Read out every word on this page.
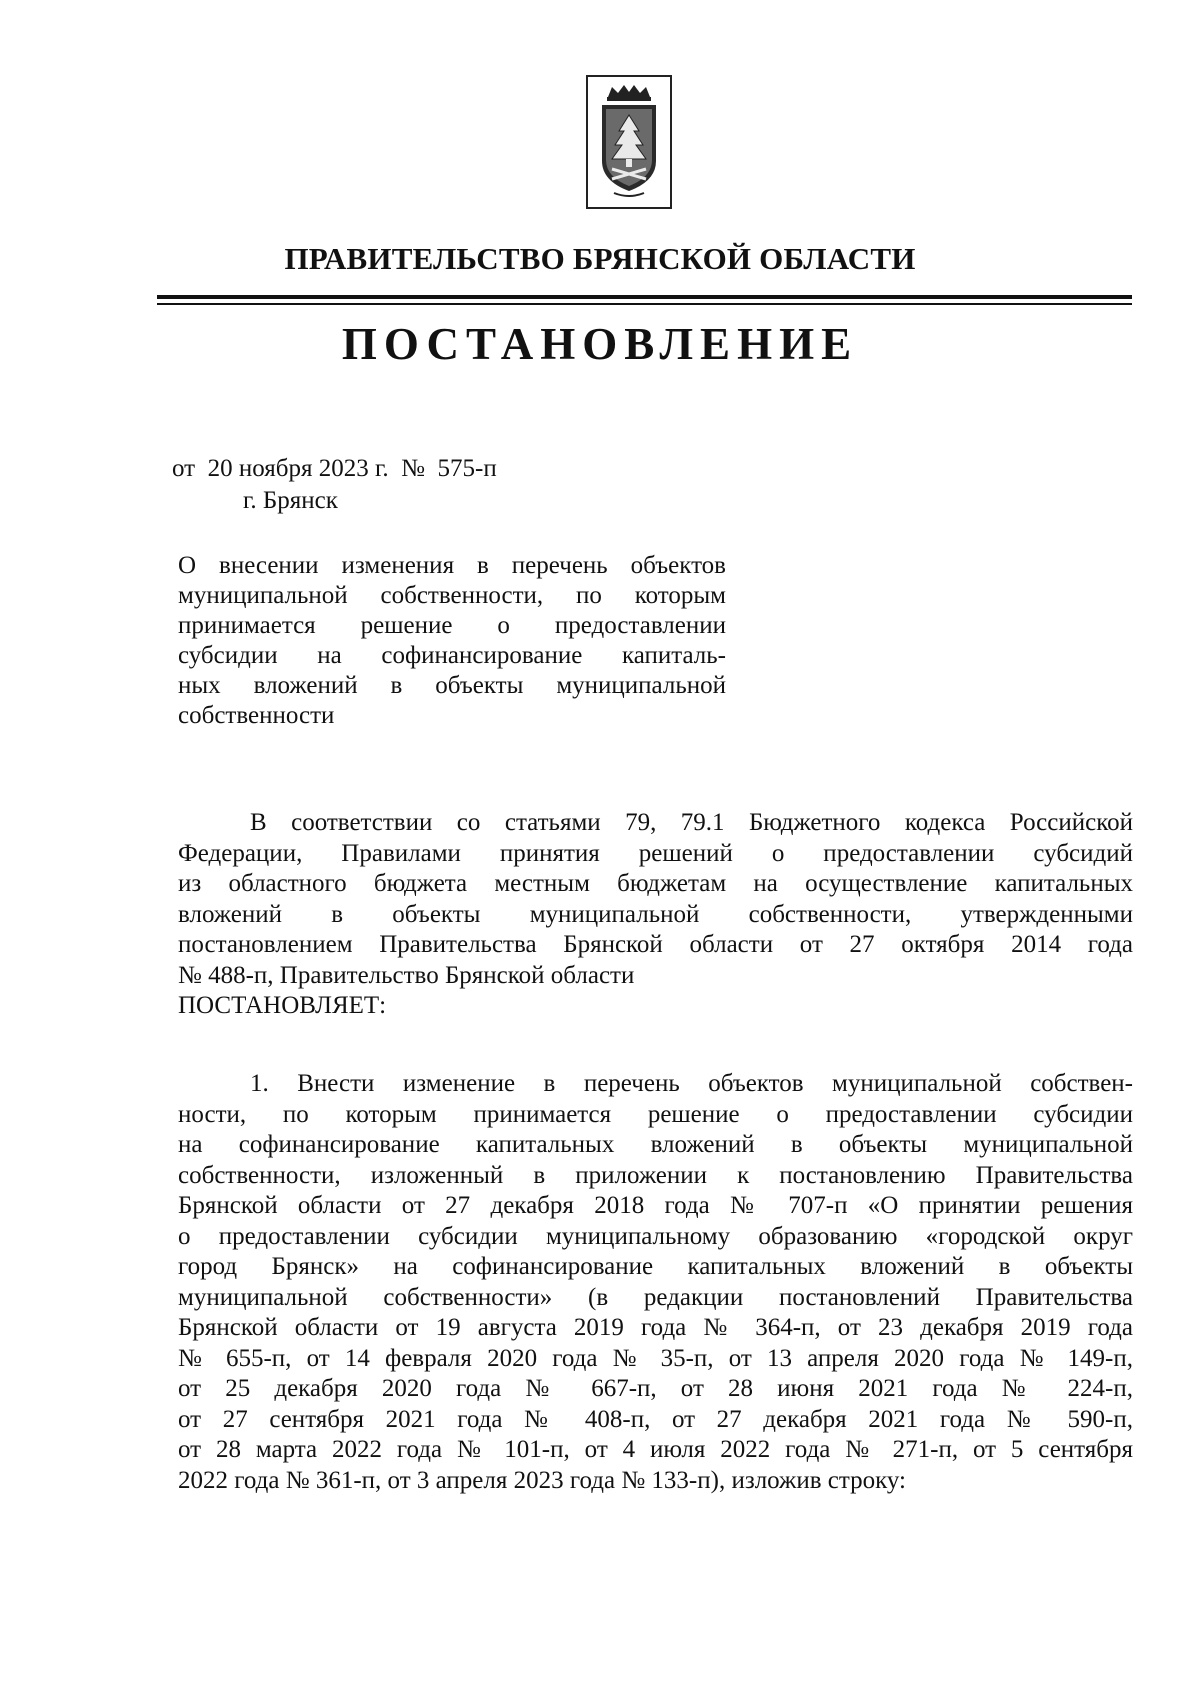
ПРАВИТЕЛЬСТВО БРЯНСКОЙ ОБЛАСТИ
ПОСТАНОВЛЕНИЕ
от  20 ноября 2023 г.  №  575-п
г. Брянск
О внесении изменения в перечень объектов
муниципальной собственности, по которым
принимается решение о предоставлении
субсидии на софинансирование капиталь-
ных вложений в объекты муниципальной
собственности
В соответствии со статьями 79, 79.1 Бюджетного кодекса Российской
Федерации, Правилами принятия решений о предоставлении субсидий
из областного бюджета местным бюджетам на осуществление капитальных
вложений в объекты муниципальной собственности, утвержденными
постановлением Правительства Брянской области от 27 октября 2014 года
№ 488-п, Правительство Брянской области
ПОСТАНОВЛЯЕТ:
1. Внести изменение в перечень объектов муниципальной собствен-
ности, по которым принимается решение о предоставлении субсидии
на софинансирование капитальных вложений в объекты муниципальной
собственности, изложенный в приложении к постановлению Правительства
Брянской области от 27 декабря 2018 года № 707-п «О принятии решения
о предоставлении субсидии муниципальному образованию «городской округ
город Брянск» на софинансирование капитальных вложений в объекты
муниципальной собственности» (в редакции постановлений Правительства
Брянской области от 19 августа 2019 года № 364-п, от 23 декабря 2019 года
№ 655-п, от 14 февраля 2020 года № 35-п, от 13 апреля 2020 года № 149-п,
от 25 декабря 2020 года № 667-п, от 28 июня 2021 года № 224-п,
от 27 сентября 2021 года № 408-п, от 27 декабря 2021 года № 590-п,
от 28 марта 2022 года № 101-п, от 4 июля 2022 года № 271-п, от 5 сентября
2022 года № 361-п, от 3 апреля 2023 года № 133-п), изложив строку:
